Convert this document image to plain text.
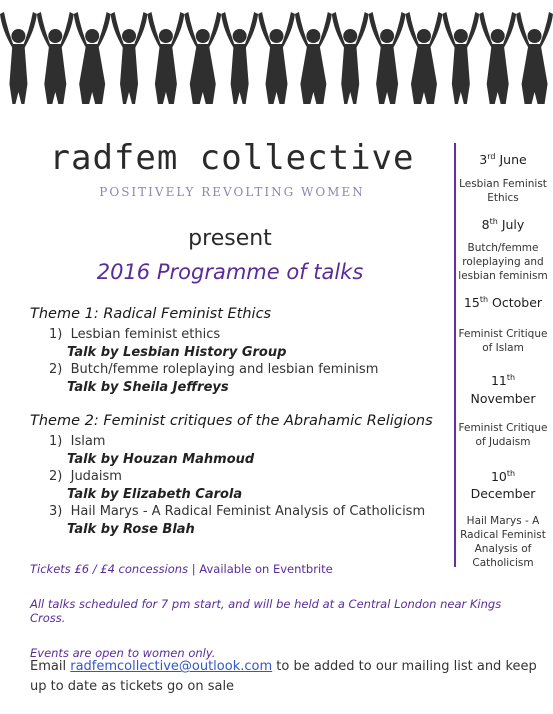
radfem collective
POSITIVELY REVOLTING WOMEN
present
2016 Programme of talks
Theme 1: Radical Feminist Ethics
1) Lesbian feminist ethics
Talk by Lesbian History Group
2) Butch/femme roleplaying and lesbian feminism
Talk by Sheila Jeffreys
Theme 2: Feminist critiques of the Abrahamic Religions
1) Islam
Talk by Houzan Mahmoud
2) Judaism
Talk by Elizabeth Carola
3) Hail Marys - A Radical Feminist Analysis of Catholicism
Talk by Rose Blah
Tickets £6 / £4 concessions | Available on Eventbrite
All talks scheduled for 7 pm start, and will be held at a Central London near Kings Cross.
Events are open to women only.
Email radfemcollective@outlook.com to be added to our mailing list and keep up to date as tickets go on sale
3rd June
Lesbian Feminist Ethics
8th July
Butch/femme roleplaying and lesbian feminism
15th October
Feminist Critique of Islam
11th
November
Feminist Critique of Judaism
10th
December
Hail Marys - A Radical Feminist Analysis of Catholicism
